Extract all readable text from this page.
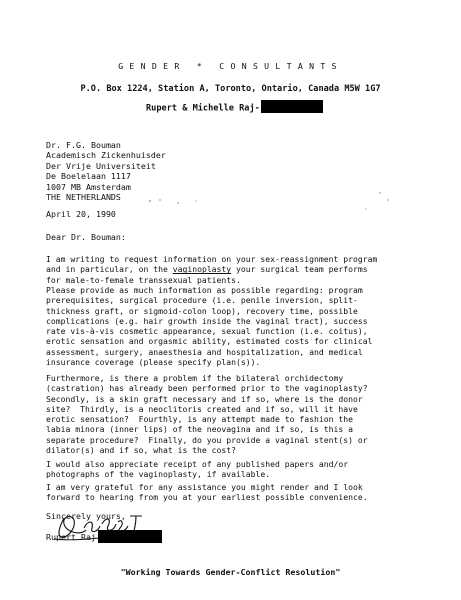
GENDER * CONSULTANTS
P.O. Box 1224, Station A, Toronto, Ontario, Canada M5W 1G7
Rupert & Michelle Raj-
Dr. F.G. Bouman
Academisch Zickenhuisder
Der Vrije Universiteit
De Boelelaan 1117
1007 MB Amsterdam
THE NETHERLANDS
April 20, 1990
Dear Dr. Bouman:
I am writing to request information on your sex-reassignment program
and in particular, on the vaginoplasty your surgical team performs
for male-to-female transsexual patients.
Please provide as much information as possible regarding: program
prerequisites, surgical procedure (i.e. penile inversion, split-
thickness graft, or sigmoid-colon loop), recovery time, possible
complications (e.g. hair growth inside the vaginal tract), success
rate vis-à-vis cosmetic appearance, sexual function (i.e. coitus),
erotic sensation and orgasmic ability, estimated costs for clinical
assessment, surgery, anaesthesia and hospitalization, and medical
insurance coverage (please specify plan(s)).
Furthermore, is there a problem if the bilateral orchidectomy
(castration) has already been performed prior to the vaginoplasty?
Secondly, is a skin graft necessary and if so, where is the donor
site?  Thirdly, is a neoclitoris created and if so, will it have
erotic sensation?  Fourthly, is any attempt made to fashion the
labia minora (inner lips) of the neovagina and if so, is this a
separate procedure?  Finally, do you provide a vaginal stent(s) or
dilator(s) and if so, what is the cost?
I would also appreciate receipt of any published papers and/or
photographs of the vaginoplasty, if available.
I am very grateful for any assistance you might render and I look
forward to hearing from you at your earliest possible convenience.
Sincerely yours,
Rupert Raj
"Working Towards Gender-Conflict Resolution"
